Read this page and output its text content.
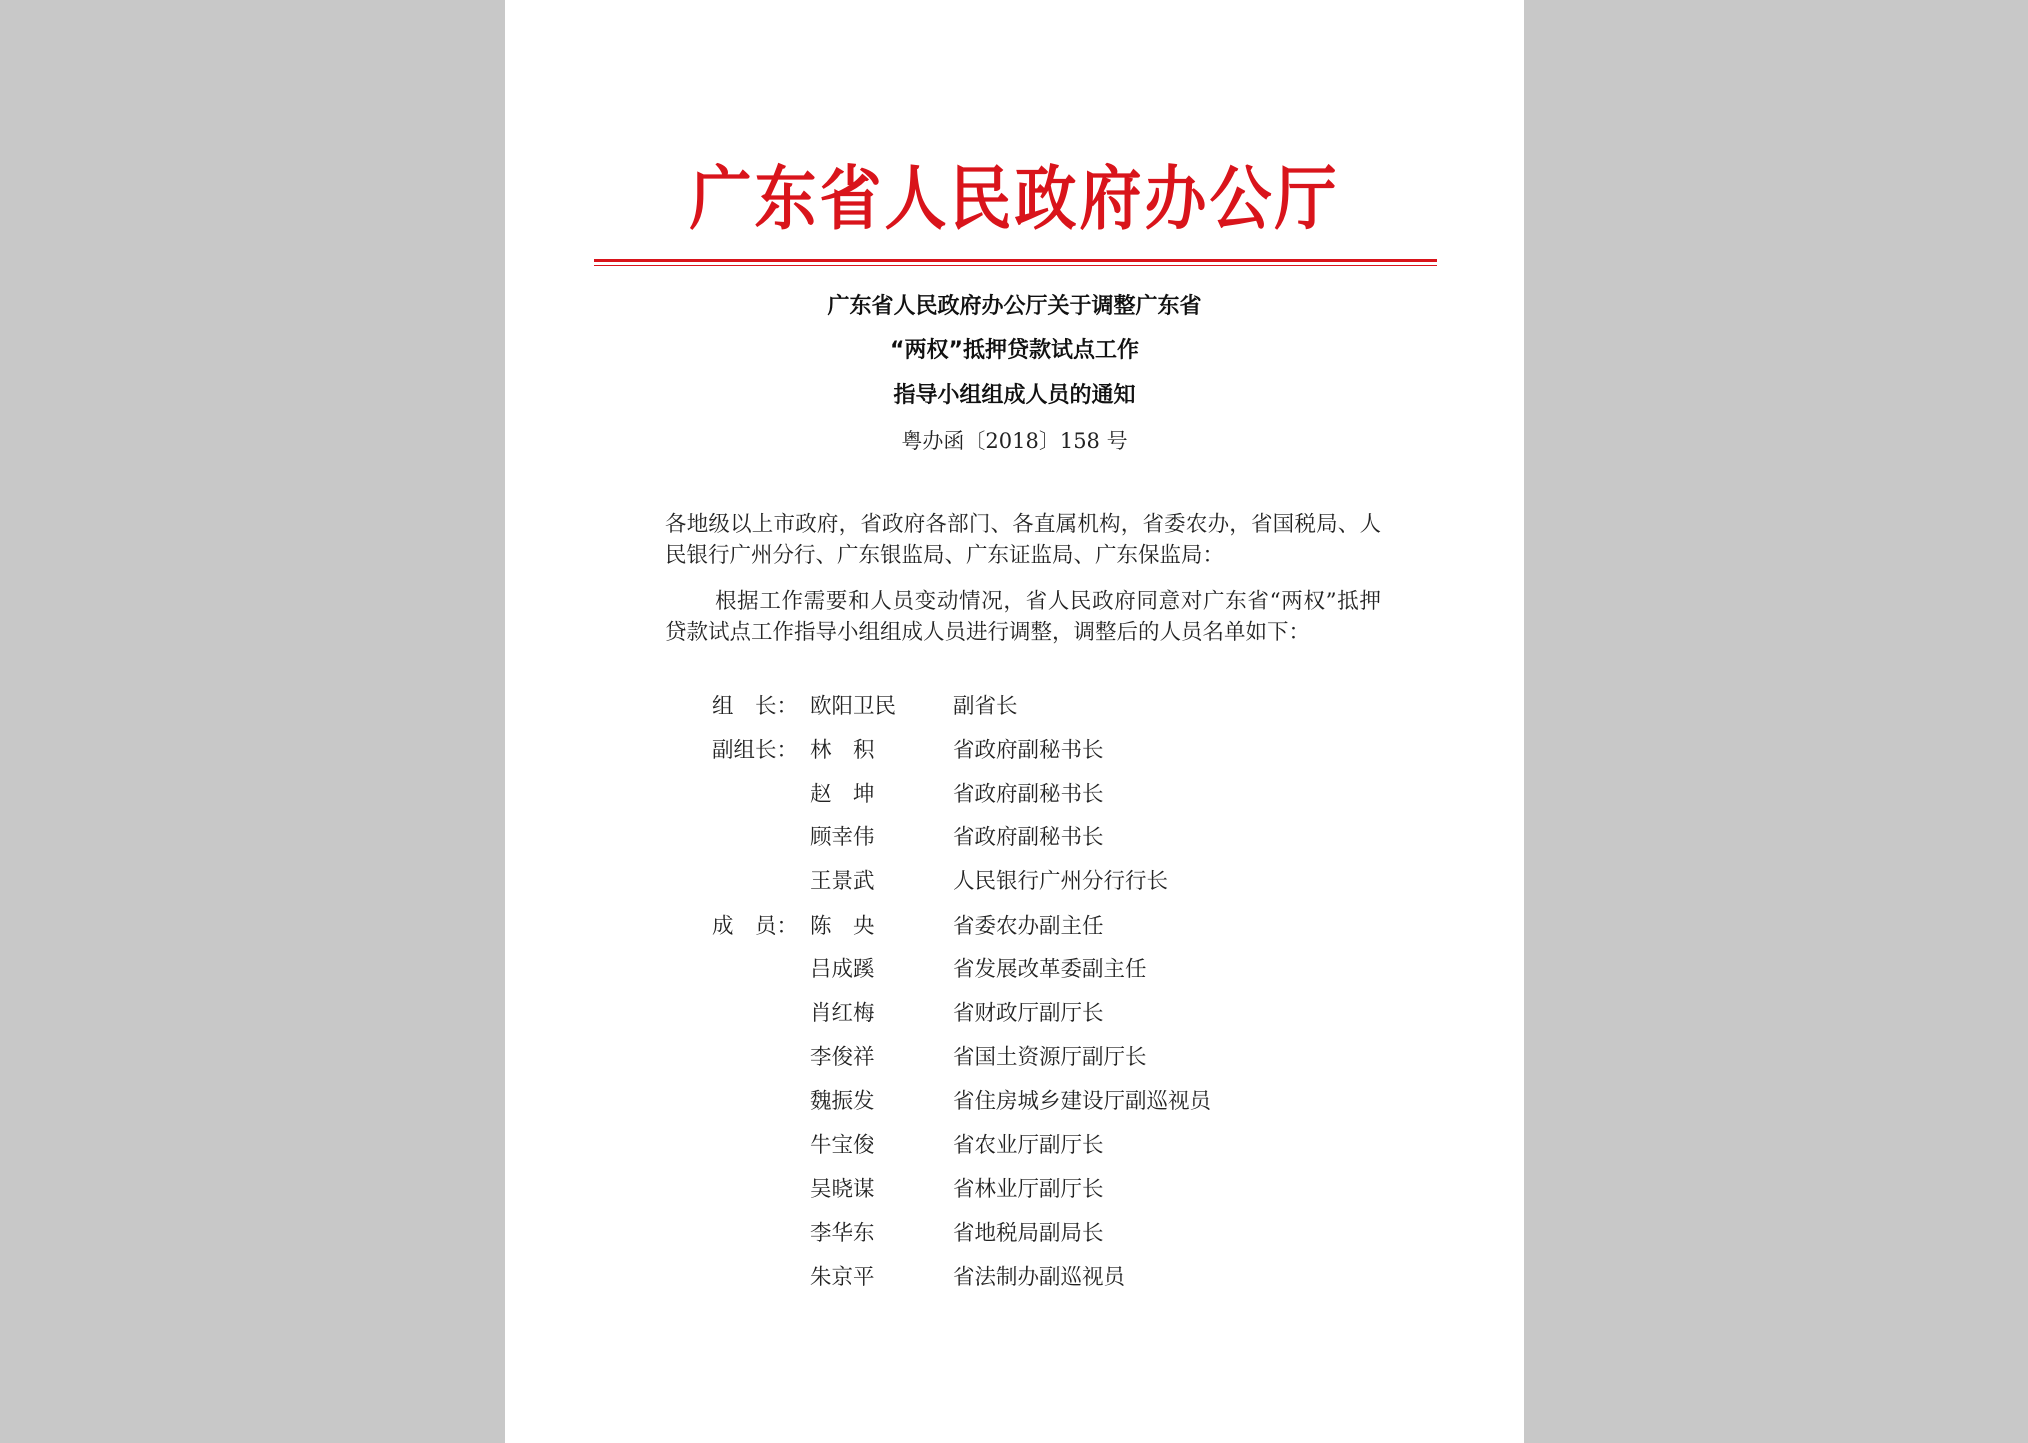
广东省人民政府办公厅
广东省人民政府办公厅关于调整广东省
“两权”抵押贷款试点工作
指导小组组成人员的通知
粤办函〔2018〕158 号
各地级以上市政府，省政府各部门、各直属机构，省委农办，省国税局、人民银行广州分行、广东银监局、广东证监局、广东保监局：
根据工作需要和人员变动情况，省人民政府同意对广东省“两权”抵押贷款试点工作指导小组组成人员进行调整，调整后的人员名单如下：
组　长： 欧阳卫民	副省长
副组长： 林　积	省政府副秘书长
赵　坤	省政府副秘书长
顾幸伟	省政府副秘书长
王景武	人民银行广州分行行长
成　员： 陈　央	省委农办副主任
吕成蹊	省发展改革委副主任
肖红梅	省财政厅副厅长
李俊祥	省国土资源厅副厅长
魏振发	省住房城乡建设厅副巡视员
牛宝俊	省农业厅副厅长
吴晓谋	省林业厅副厅长
李华东	省地税局副局长
朱京平	省法制办副巡视员
